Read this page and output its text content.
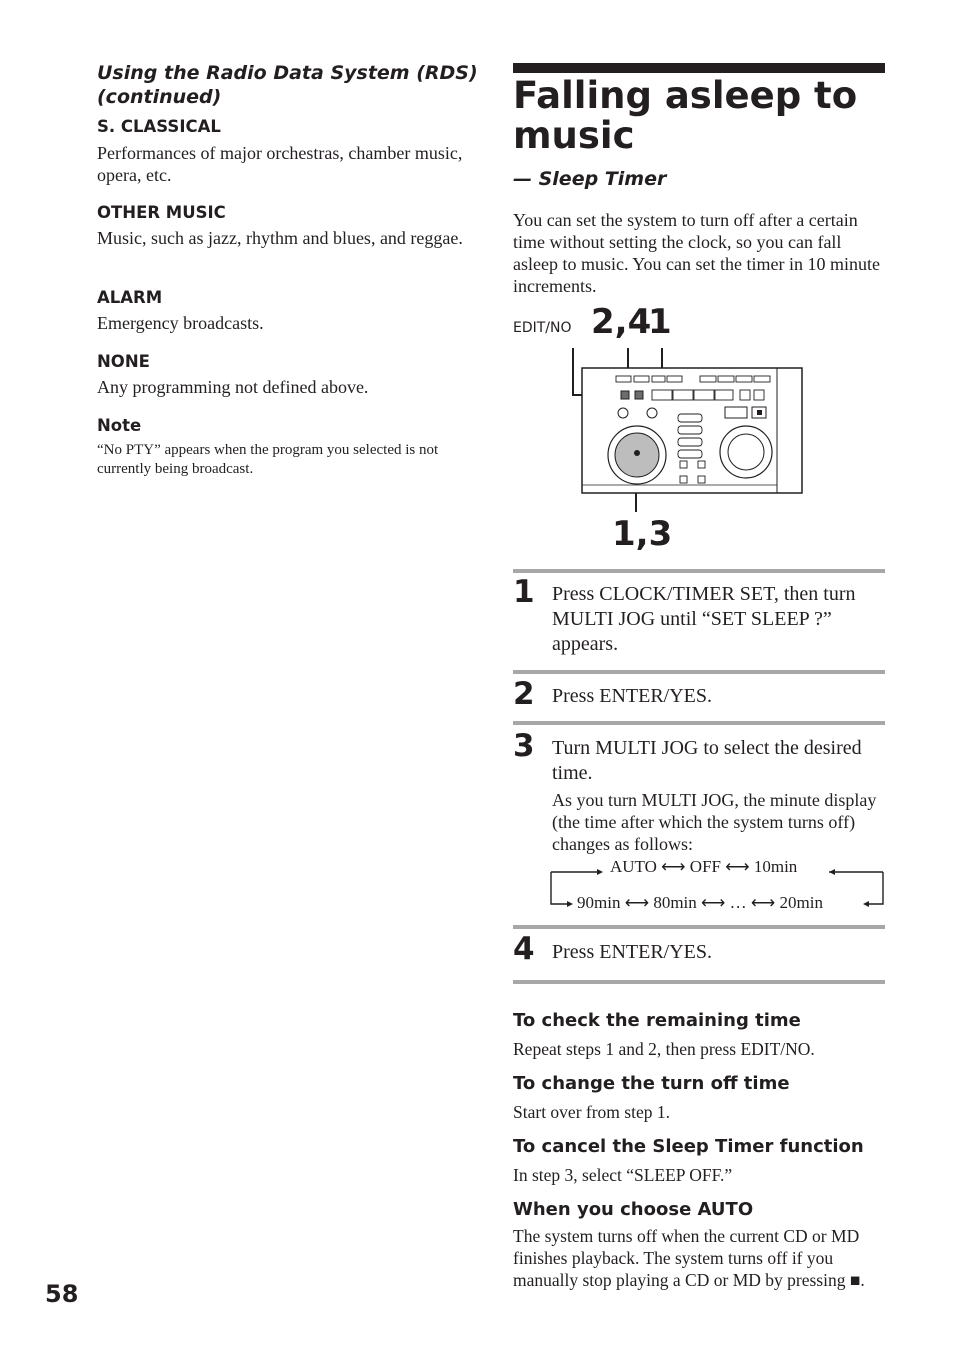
Using the Radio Data System (RDS) (continued)
S. CLASSICAL
Performances of major orchestras, chamber music, opera, etc.
OTHER MUSIC
Music, such as jazz, rhythm and blues, and reggae.
ALARM
Emergency broadcasts.
NONE
Any programming not defined above.
Note
“No PTY” appears when the program you selected is not currently being broadcast.
58
Falling asleep to music
— Sleep Timer
You can set the system to turn off after a certain time without setting the clock, so you can fall asleep to music. You can set the timer in 10 minute increments.
EDIT/NO 2,4
1
1,3
1 Press CLOCK/TIMER SET, then turn MULTI JOG until “SET SLEEP ?” appears.
2 Press ENTER/YES.
3 Turn MULTI JOG to select the desired time.
As you turn MULTI JOG, the minute display (the time after which the system turns off) changes as follows:
AUTO ⟷ OFF ⟷ 10min
90min ⟷ 80min ⟷ … ⟷ 20min
4 Press ENTER/YES.
To check the remaining time
Repeat steps 1 and 2, then press EDIT/NO.
To change the turn off time
Start over from step 1.
To cancel the Sleep Timer function
In step 3, select “SLEEP OFF.”
When you choose AUTO
The system turns off when the current CD or MD finishes playback. The system turns off if you manually stop playing a CD or MD by pressing ■.
